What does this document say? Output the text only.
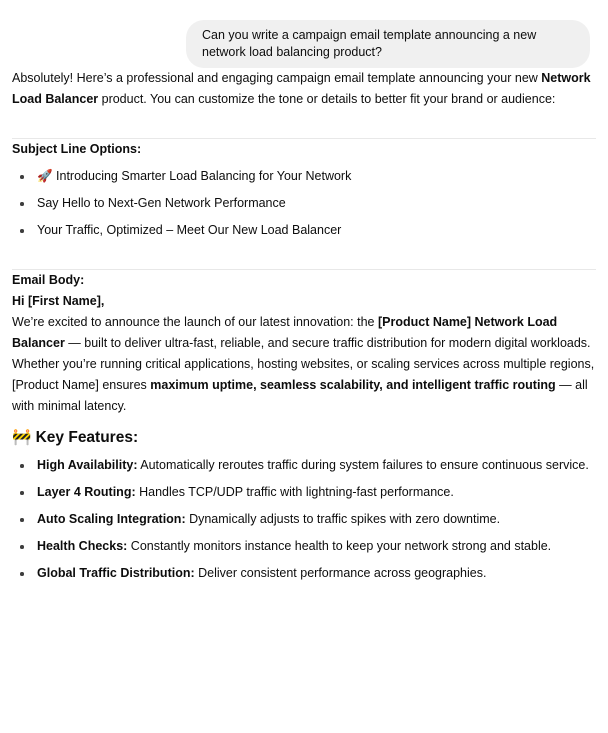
Can you write a campaign email template announcing a new network load balancing product?

Absolutely! Here’s a professional and engaging campaign email template announcing your new Network Load Balancer product. You can customize the tone or details to better fit your brand or audience:

Subject Line Options:

🚀 Introducing Smarter Load Balancing for Your Network
Say Hello to Next-Gen Network Performance
Your Traffic, Optimized – Meet Our New Load Balancer

Email Body:

Hi [First Name],

We’re excited to announce the launch of our latest innovation: the [Product Name] Network Load Balancer — built to deliver ultra-fast, reliable, and secure traffic distribution for modern digital workloads.

Whether you’re running critical applications, hosting websites, or scaling services across multiple regions, [Product Name] ensures maximum uptime, seamless scalability, and intelligent traffic routing — all with minimal latency.

🚧 Key Features:
High Availability: Automatically reroutes traffic during system failures to ensure continuous service.
Layer 4 Routing: Handles TCP/UDP traffic with lightning-fast performance.
Auto Scaling Integration: Dynamically adjusts to traffic spikes with zero downtime.
Health Checks: Constantly monitors instance health to keep your network strong and stable.
Global Traffic Distribution: Deliver consistent performance across geographies.
